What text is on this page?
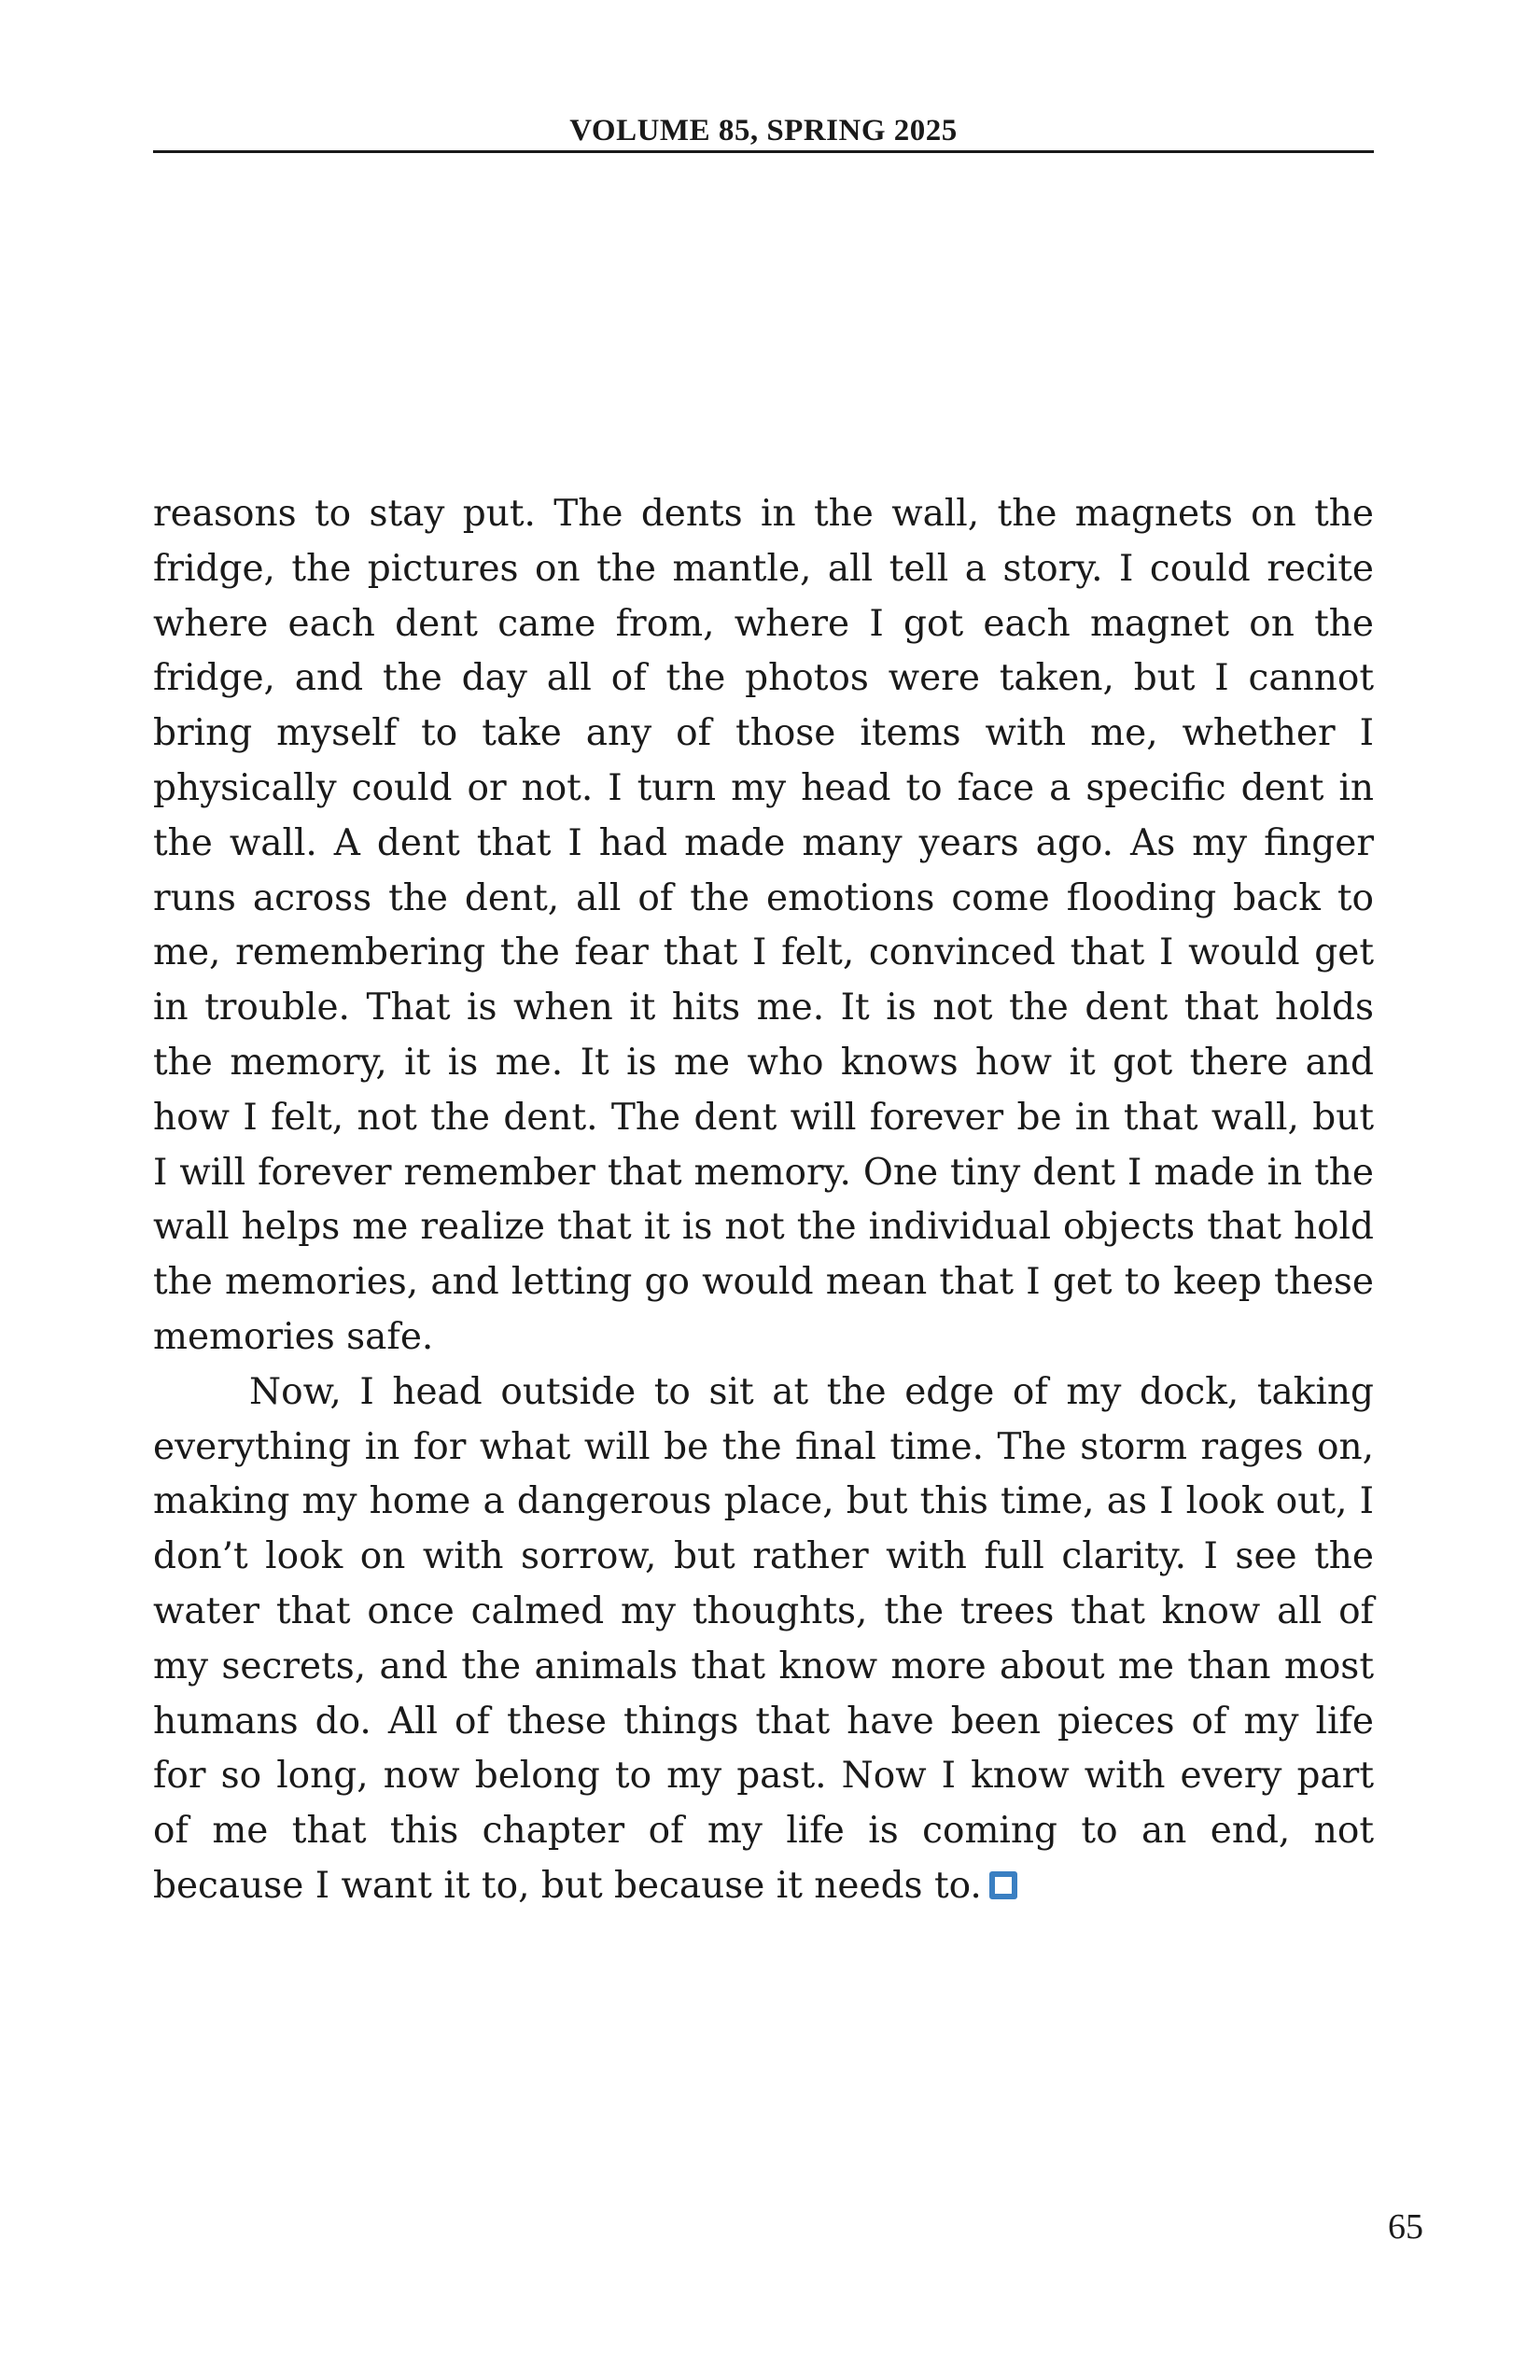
VOLUME 85, SPRING 2025

reasons to stay put. The dents in the wall, the magnets on the fridge, the pictures on the mantle, all tell a story. I could recite where each dent came from, where I got each magnet on the fridge, and the day all of the photos were taken, but I cannot bring myself to take any of those items with me, whether I physically could or not. I turn my head to face a specific dent in the wall. A dent that I had made many years ago. As my finger runs across the dent, all of the emotions come flooding back to me, remembering the fear that I felt, convinced that I would get in trouble. That is when it hits me. It is not the dent that holds the memory, it is me. It is me who knows how it got there and how I felt, not the dent. The dent will forever be in that wall, but I will forever remember that memory. One tiny dent I made in the wall helps me realize that it is not the individual objects that hold the memories, and letting go would mean that I get to keep these memories safe.

Now, I head outside to sit at the edge of my dock, taking everything in for what will be the final time. The storm rages on, making my home a dangerous place, but this time, as I look out, I don’t look on with sorrow, but rather with full clarity. I see the water that once calmed my thoughts, the trees that know all of my secrets, and the animals that know more about me than most humans do. All of these things that have been pieces of my life for so long, now belong to my past. Now I know with every part of me that this chapter of my life is coming to an end, not because I want it to, but because it needs to.

65
